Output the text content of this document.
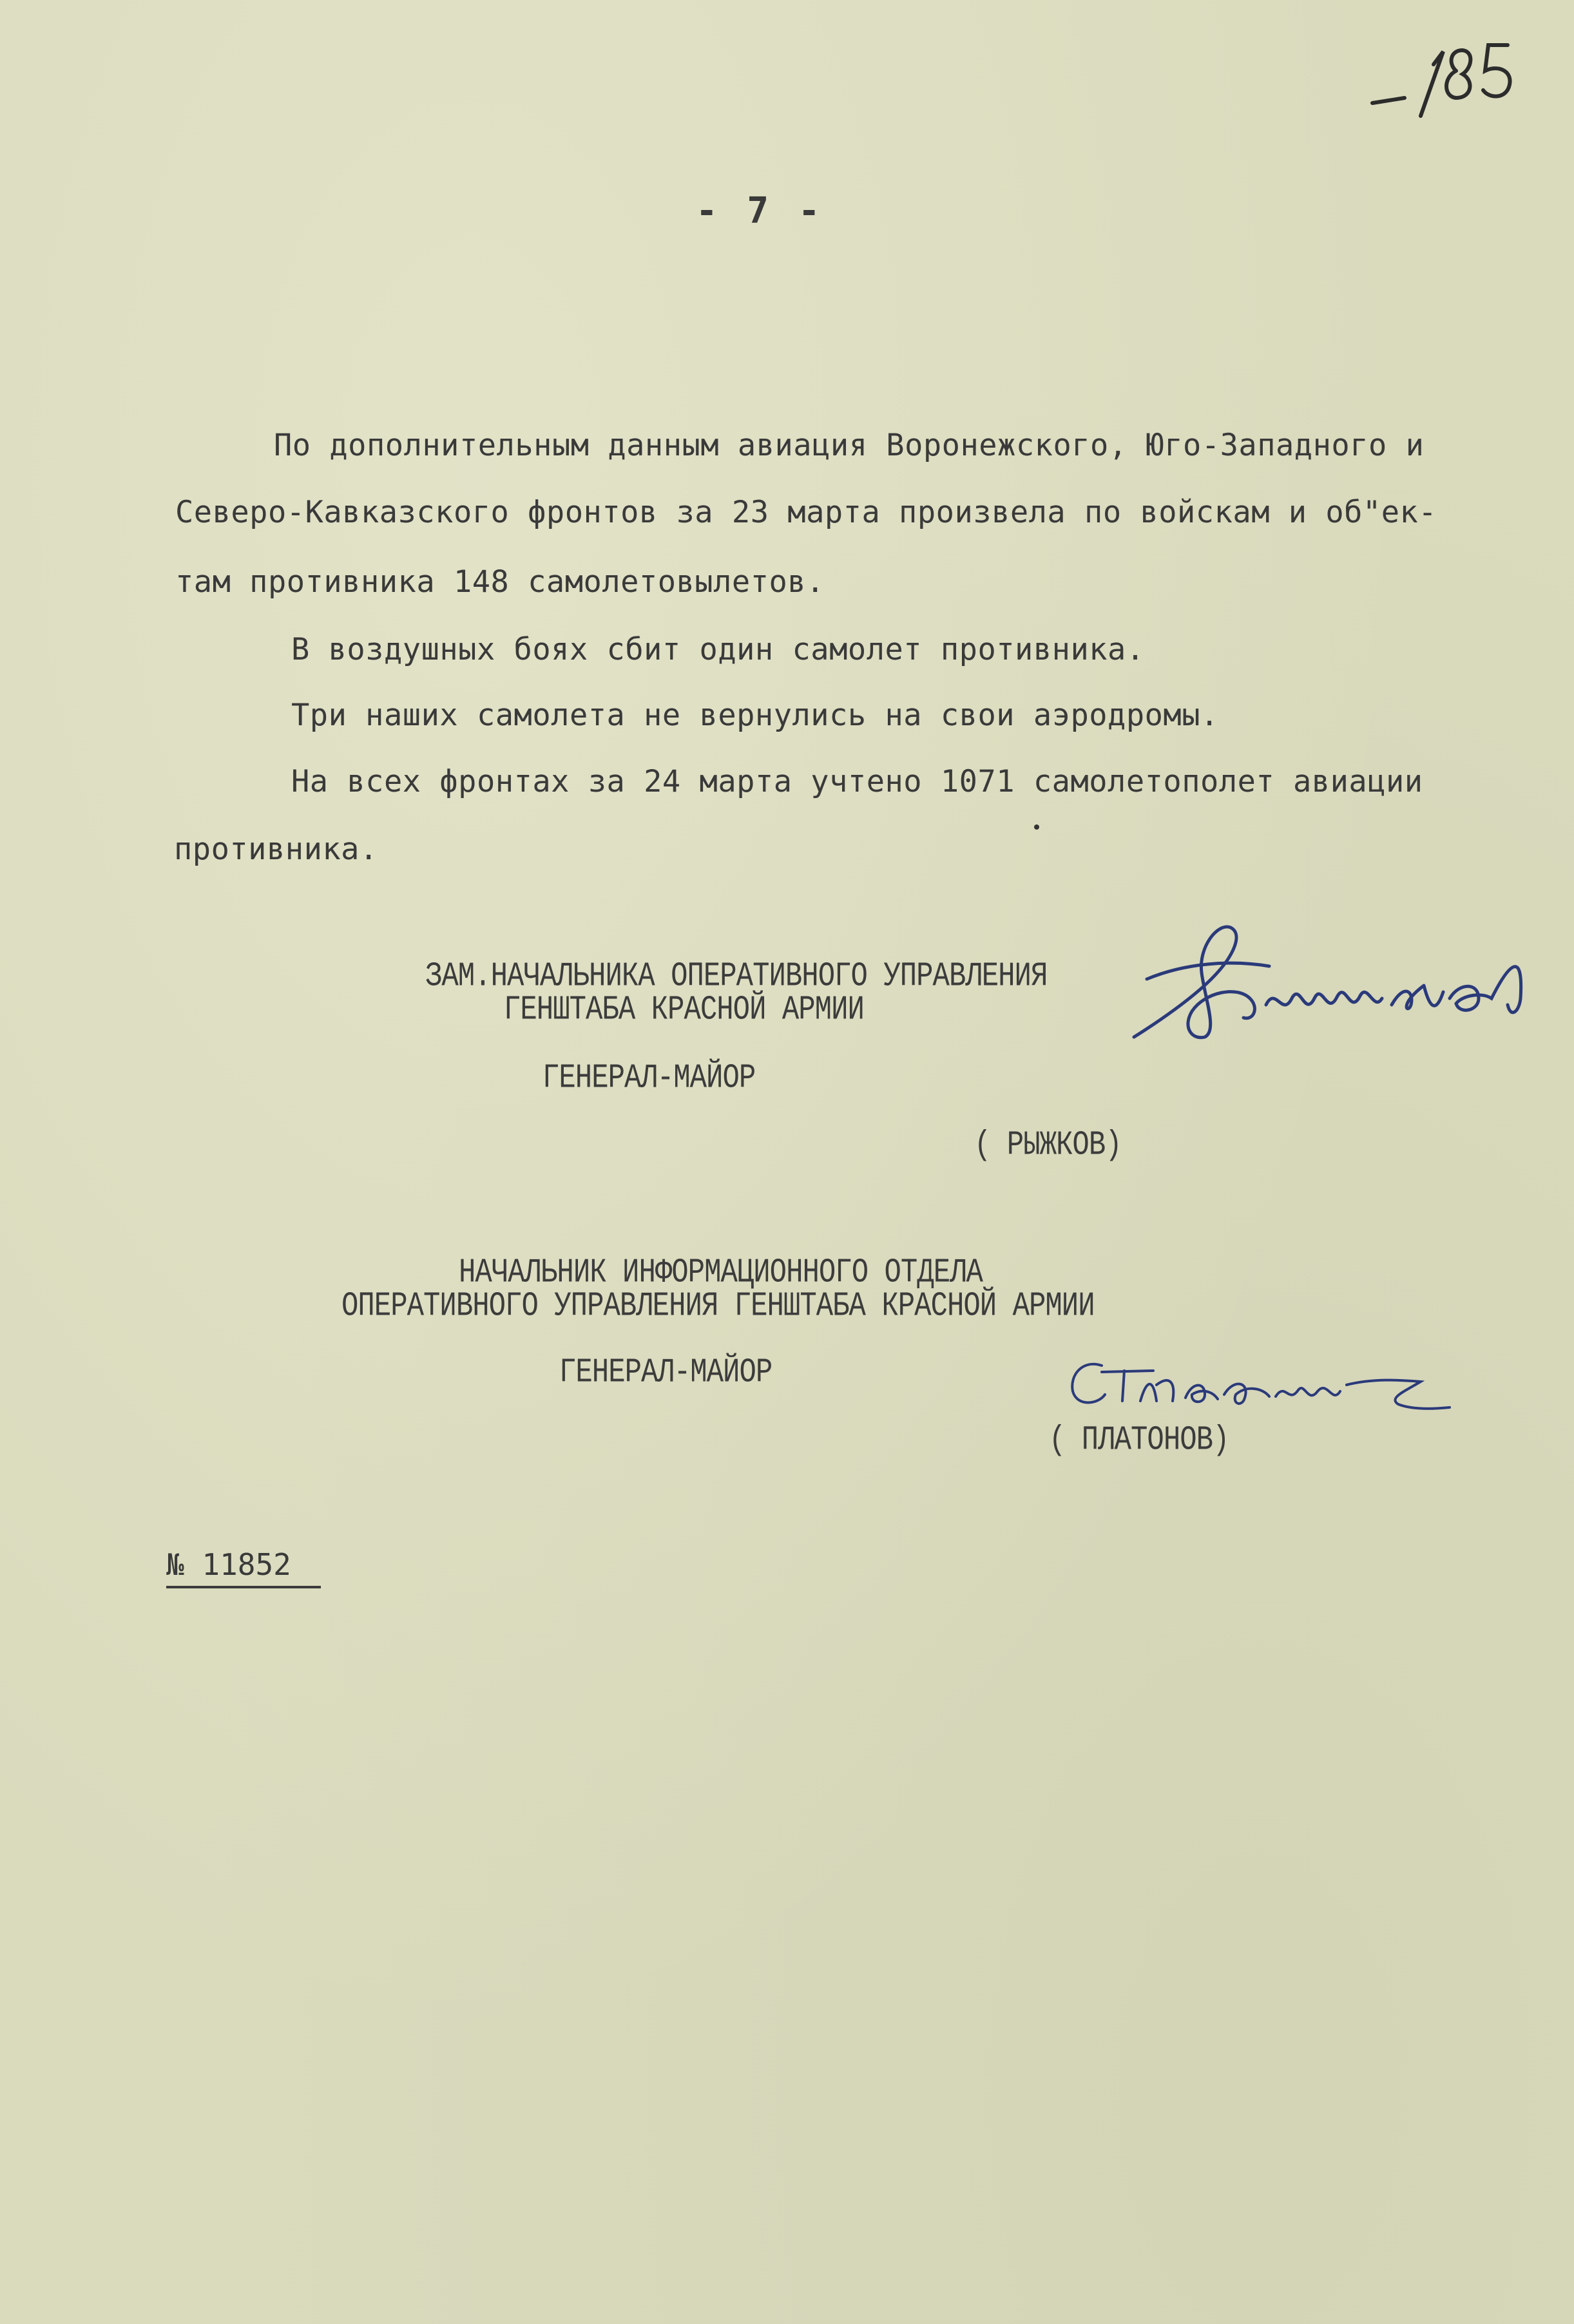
- 7 -
По дополнительным данным авиация Воронежского, Юго-Западного и
Северо-Кавказского фронтов за 23 марта произвела по войскам и об"ек-
там противника 148 самолетовылетов.
В воздушных боях сбит один самолет противника.
Три наших самолета не вернулись на свои аэродромы.
На всех фронтах за 24 марта учтено 1071 самолетополет авиации
противника.
ЗАМ.НАЧАЛЬНИКА ОПЕРАТИВНОГО УПРАВЛЕНИЯ
ГЕНШТАБА КРАСНОЙ АРМИИ
ГЕНЕРАЛ-МАЙОР
( РЫЖКОВ)
НАЧАЛЬНИК ИНФОРМАЦИОННОГО ОТДЕЛА
ОПЕРАТИВНОГО УПРАВЛЕНИЯ ГЕНШТАБА КРАСНОЙ АРМИИ
ГЕНЕРАЛ-МАЙОР
( ПЛАТОНОВ)
№ 11852
